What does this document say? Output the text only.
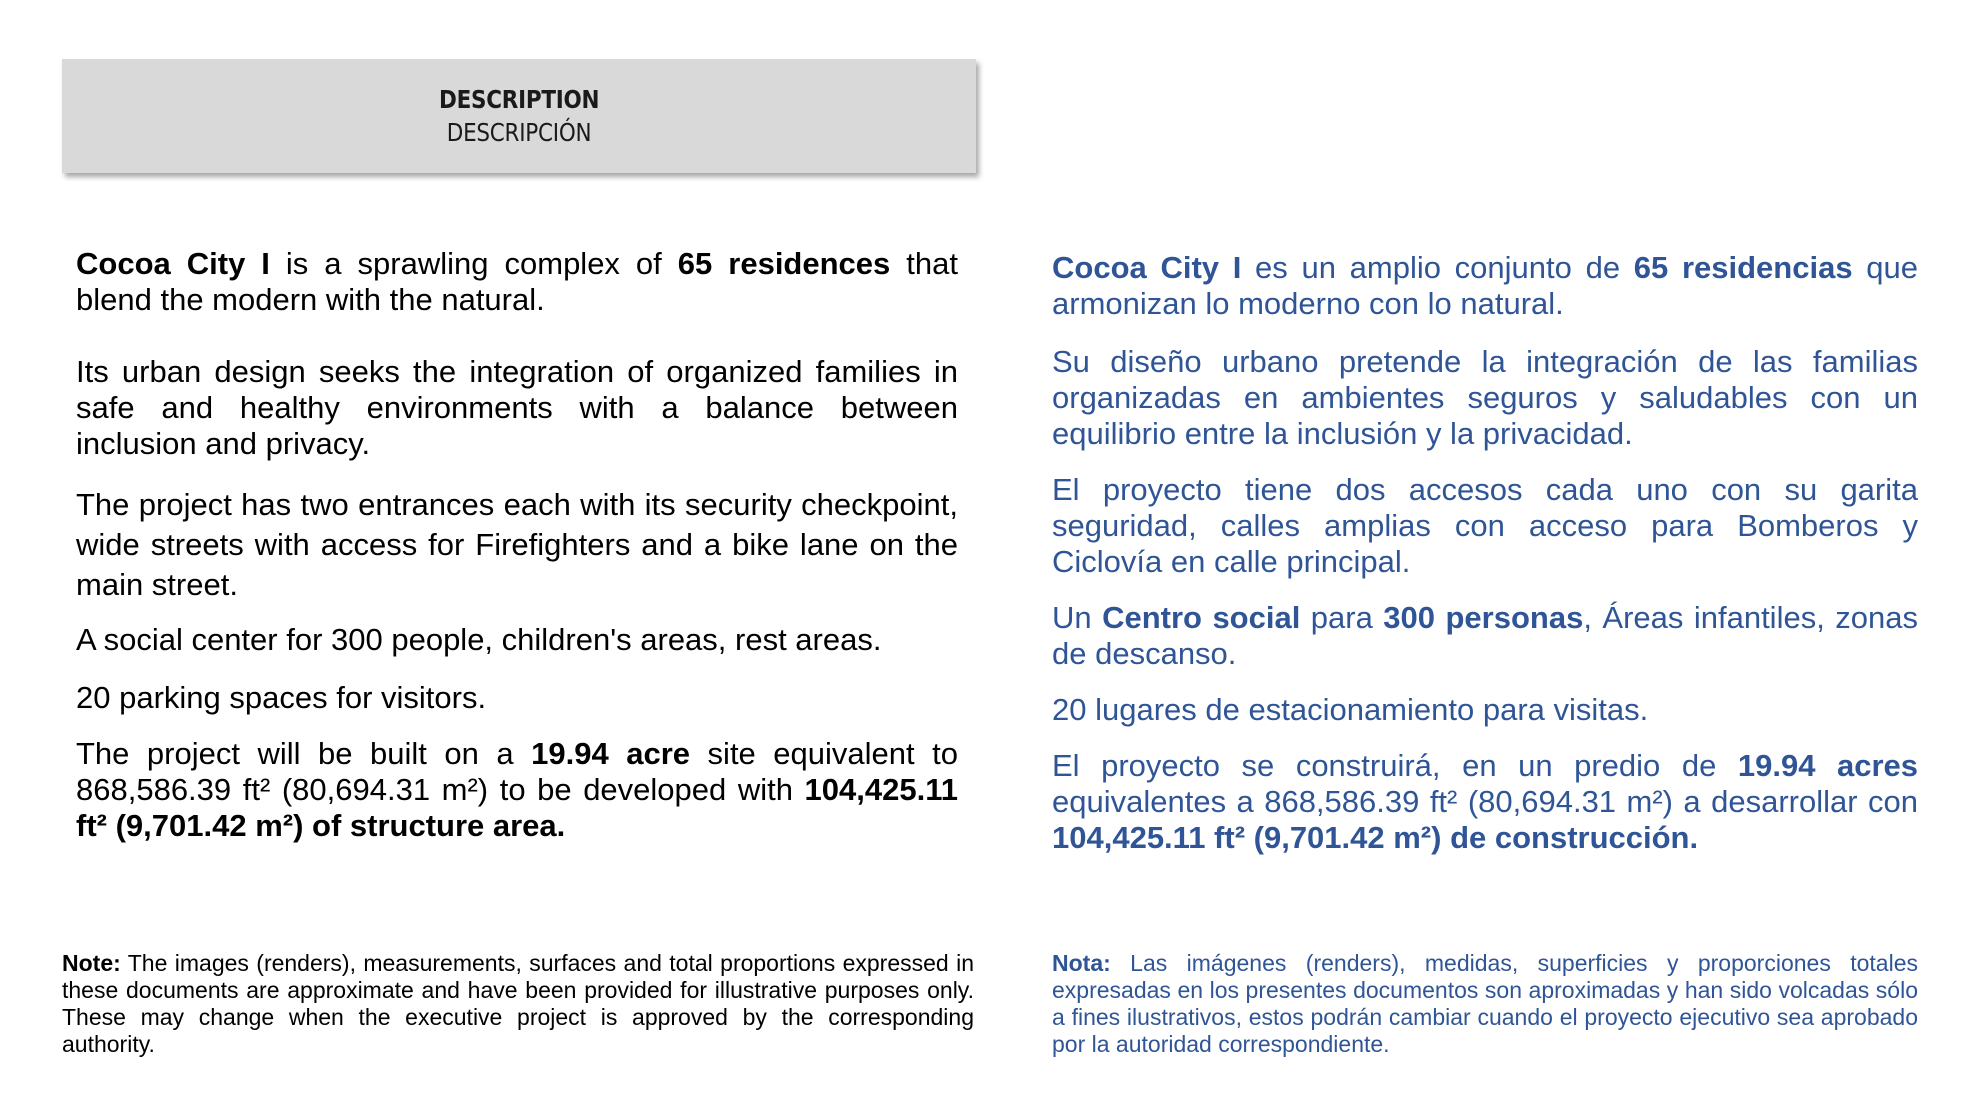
DESCRIPTION
DESCRIPCIÓN

Cocoa City I is a sprawling complex of 65 residences that blend the modern with the natural.

Its urban design seeks the integration of organized families in safe and healthy environments with a balance between inclusion and privacy.

The project has two entrances each with its security checkpoint, wide streets with access for Firefighters and a bike lane on the main street.

A social center for 300 people, children's areas, rest areas.

20 parking spaces for visitors.

The project will be built on a 19.94 acre site equivalent to 868,586.39 ft² (80,694.31 m²) to be developed with 104,425.11 ft² (9,701.42 m²) of structure area.

Cocoa City I es un amplio conjunto de 65 residencias que armonizan lo moderno con lo natural.

Su diseño urbano pretende la integración de las familias organizadas en ambientes seguros y saludables con un equilibrio entre la inclusión y la privacidad.

El proyecto tiene dos accesos cada uno con su garita seguridad, calles amplias con acceso para Bomberos y Ciclovía en calle principal.

Un Centro social para 300 personas, Áreas infantiles, zonas de descanso.

20 lugares de estacionamiento para visitas.

El proyecto se construirá, en un predio de 19.94 acres equivalentes a 868,586.39 ft² (80,694.31 m²) a desarrollar con 104,425.11 ft² (9,701.42 m²) de construcción.

Note: The images (renders), measurements, surfaces and total proportions expressed in these documents are approximate and have been provided for illustrative purposes only. These may change when the executive project is approved by the corresponding authority.

Nota: Las imágenes (renders), medidas, superficies y proporciones totales expresadas en los presentes documentos son aproximadas y han sido volcadas sólo a fines ilustrativos, estos podrán cambiar cuando el proyecto ejecutivo sea aprobado por la autoridad correspondiente.
